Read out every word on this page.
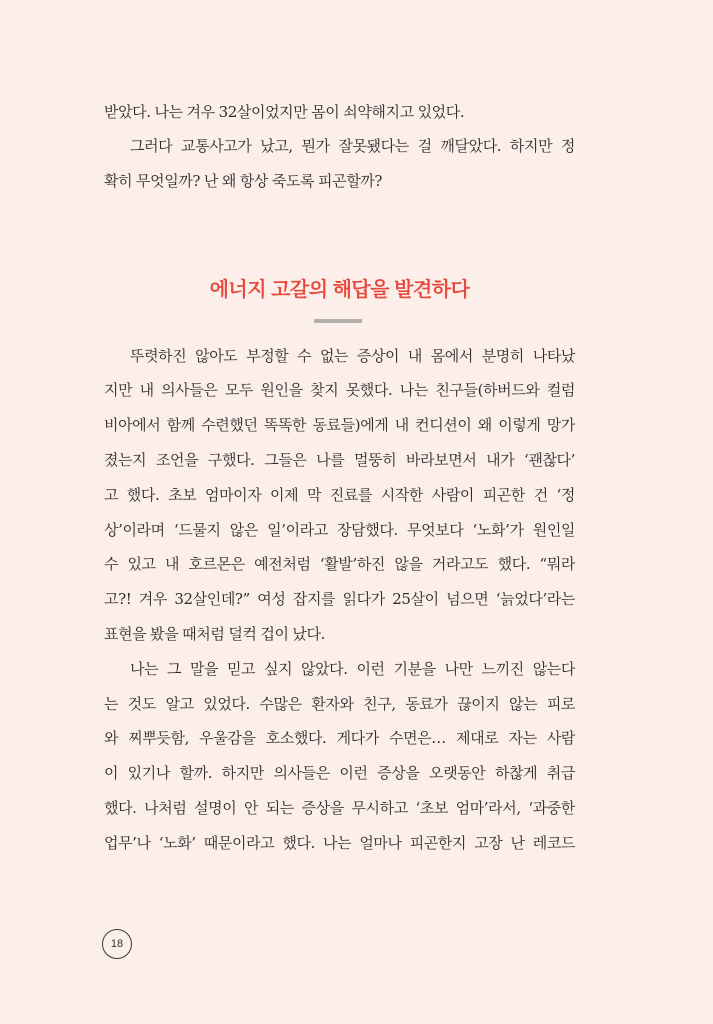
받았다. 나는 겨우 32살이었지만 몸이 쇠약해지고 있었다.
그러다 교통사고가 났고, 뭔가 잘못됐다는 걸 깨달았다. 하지만 정
확히 무엇일까? 난 왜 항상 죽도록 피곤할까?
에너지 고갈의 해답을 발견하다
뚜렷하진 않아도 부정할 수 없는 증상이 내 몸에서 분명히 나타났
지만 내 의사들은 모두 원인을 찾지 못했다. 나는 친구들(하버드와 컬럼
비아에서 함께 수련했던 똑똑한 동료들)에게 내 컨디션이 왜 이렇게 망가
졌는지 조언을 구했다. 그들은 나를 멀뚱히 바라보면서 내가 ‘괜찮다’
고 했다. 초보 엄마이자 이제 막 진료를 시작한 사람이 피곤한 건 ‘정
상’이라며 ‘드물지 않은 일’이라고 장담했다. 무엇보다 ‘노화’가 원인일
수 있고 내 호르몬은 예전처럼 ‘활발’하진 않을 거라고도 했다. “뭐라
고?! 겨우 32살인데?” 여성 잡지를 읽다가 25살이 넘으면 ‘늙었다’라는
표현을 봤을 때처럼 덜컥 겁이 났다.
나는 그 말을 믿고 싶지 않았다. 이런 기분을 나만 느끼진 않는다
는 것도 알고 있었다. 수많은 환자와 친구, 동료가 끊이지 않는 피로
와 찌뿌듯함, 우울감을 호소했다. 게다가 수면은… 제대로 자는 사람
이 있기나 할까. 하지만 의사들은 이런 증상을 오랫동안 하찮게 취급
했다. 나처럼 설명이 안 되는 증상을 무시하고 ‘초보 엄마’라서, ‘과중한
업무’나 ‘노화’ 때문이라고 했다. 나는 얼마나 피곤한지 고장 난 레코드
18
